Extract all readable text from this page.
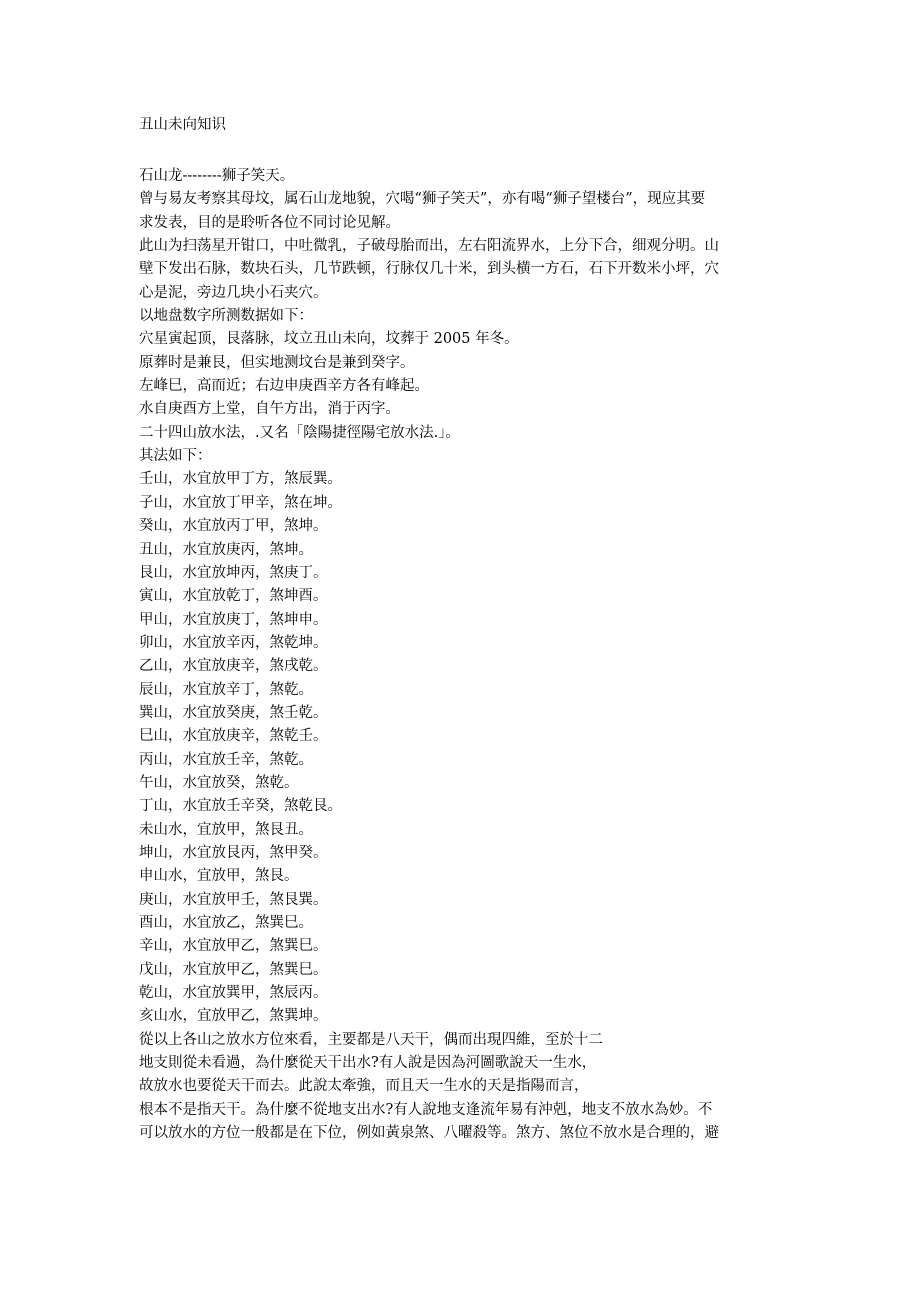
丑山未向知识
石山龙--------狮子笑天。
曾与易友考察其母坟，属石山龙地貌，穴喝“狮子笑天”，亦有喝“狮子望楼台”，现应其要
求发表，目的是聆听各位不同讨论见解。
此山为扫荡星开钳口，中吐微乳，子破母胎而出，左右阳流界水，上分下合，细观分明。山
壁下发出石脉，数块石头，几节跌顿，行脉仅几十米，到头横一方石，石下开数米小坪，穴
心是泥，旁边几块小石夹穴。
以地盘数字所测数据如下：
穴星寅起顶，艮落脉，坟立丑山未向，坟葬于 2005 年冬。
原葬时是兼艮，但实地测坟台是兼到癸字。
左峰巳，高而近；右边申庚酉辛方各有峰起。
水自庚酉方上堂，自午方出，消于丙字。
二十四山放水法，.又名「陰陽捷徑陽宅放水法.」。
其法如下：
壬山，水宜放甲丁方，煞辰巽。
子山，水宜放丁甲辛，煞在坤。
癸山，水宜放丙丁甲，煞坤。
丑山，水宜放庚丙，煞坤。
艮山，水宜放坤丙，煞庚丁。
寅山，水宜放乾丁，煞坤酉。
甲山，水宜放庚丁，煞坤申。
卯山，水宜放辛丙，煞乾坤。
乙山，水宜放庚辛，煞戌乾。
辰山，水宜放辛丁，煞乾。
巽山，水宜放癸庚，煞壬乾。
巳山，水宜放庚辛，煞乾壬。
丙山，水宜放壬辛，煞乾。
午山，水宜放癸，煞乾。
丁山，水宜放壬辛癸，煞乾艮。
未山水，宜放甲，煞艮丑。
坤山，水宜放艮丙，煞甲癸。
申山水，宜放甲，煞艮。
庚山，水宜放甲壬，煞艮巽。
酉山，水宜放乙，煞巽巳。
辛山，水宜放甲乙，煞巽巳。
戊山，水宜放甲乙，煞巽巳。
乾山，水宜放巽甲，煞辰丙。
亥山水，宜放甲乙，煞巽坤。
從以上各山之放水方位來看，主要都是八天干，偶而出現四維，至於十二
地支則從未看過，為什麼從天干出水?有人說是因為河圖歌說天一生水，
故放水也要從天干而去。此說太牽強，而且天一生水的天是指陽而言，
根本不是指天干。為什麼不從地支出水?有人說地支逢流年易有沖剋，地支不放水為妙。不
可以放水的方位一般都是在下位，例如黃泉煞、八曜殺等。煞方、煞位不放水是合理的，避
